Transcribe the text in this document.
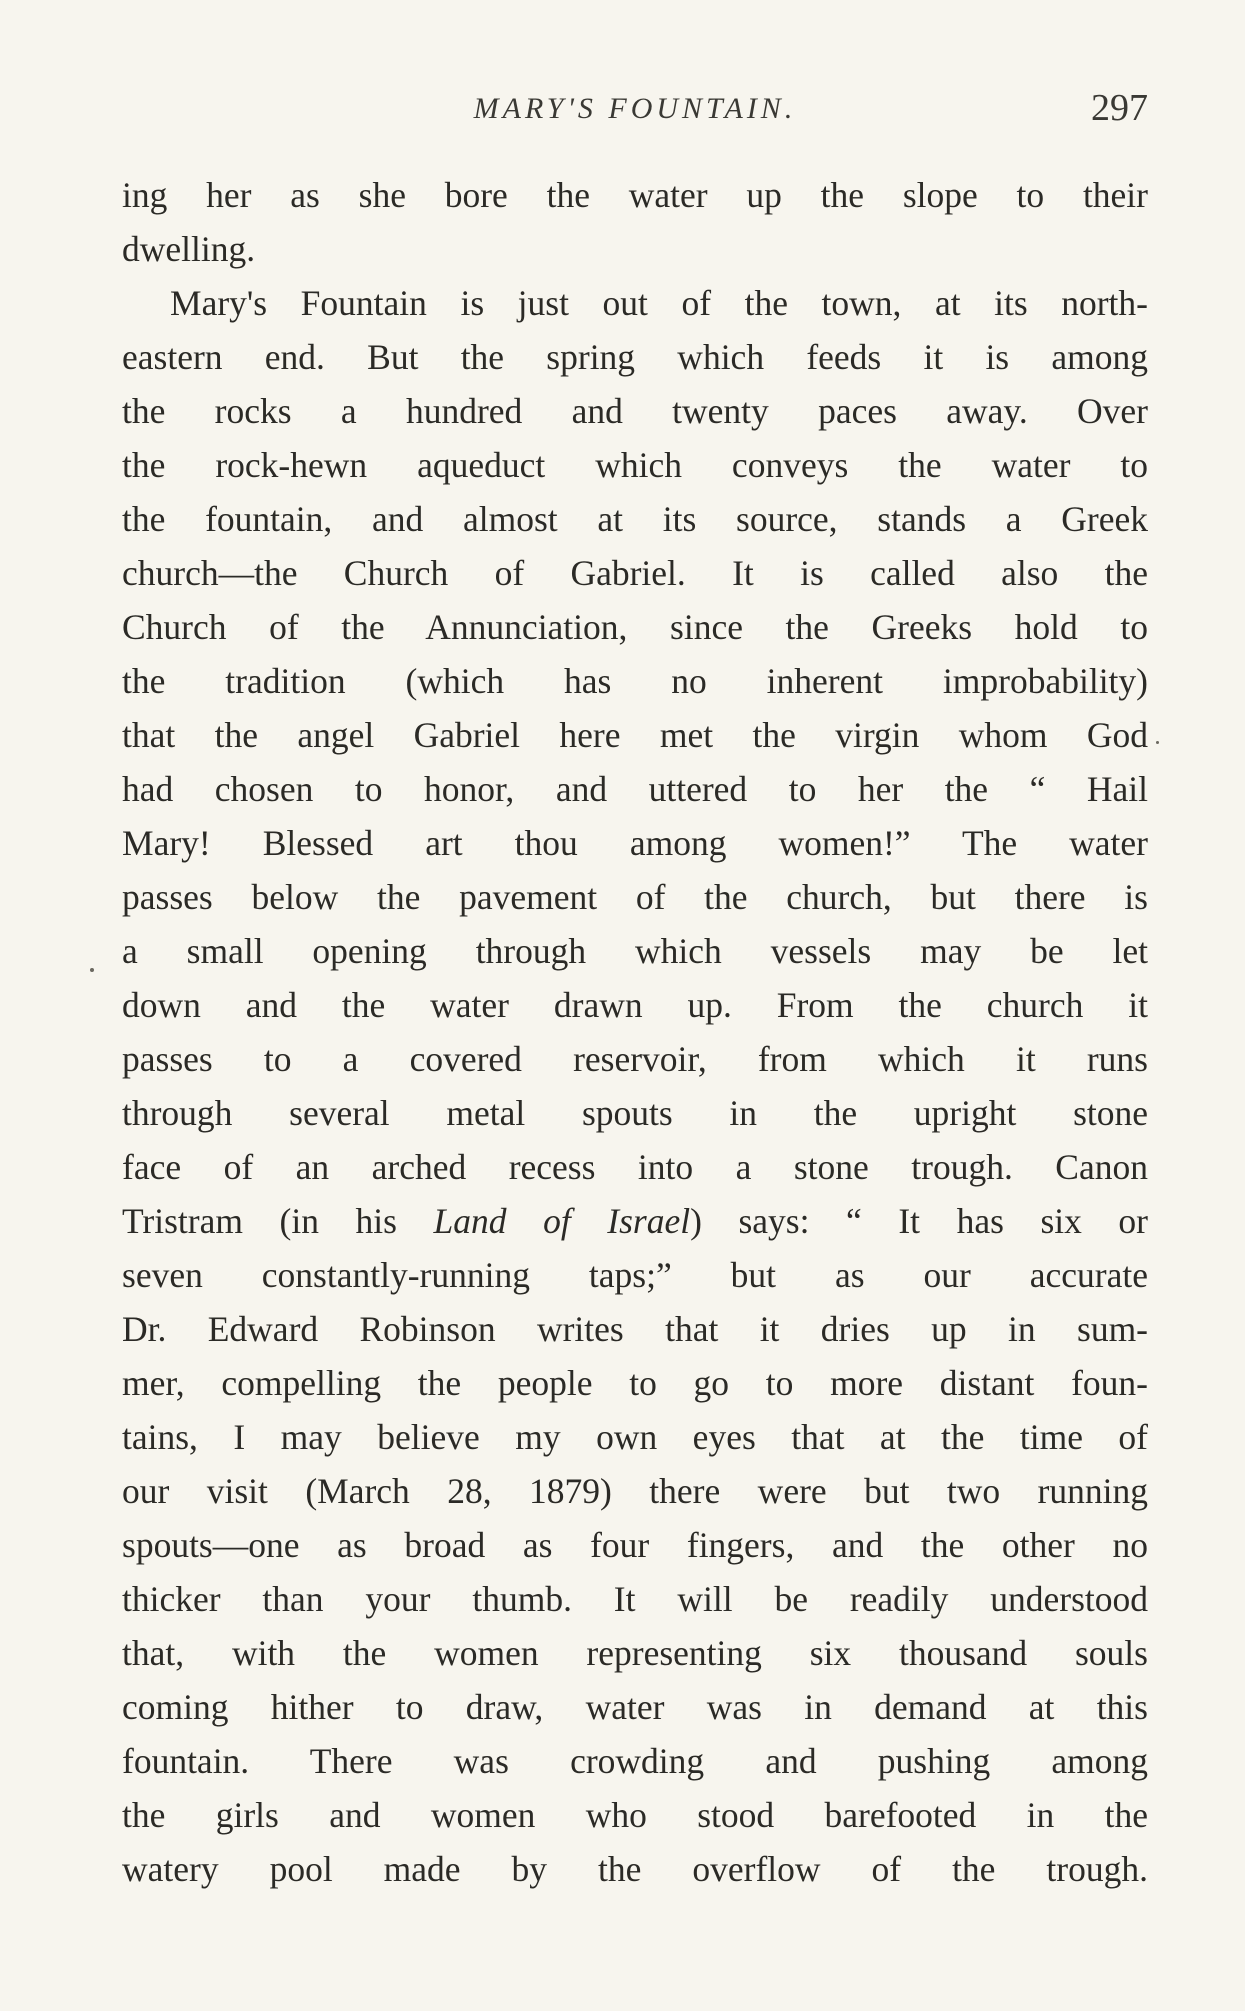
MARY'S FOUNTAIN.	297
ing her as she bore the water up the slope to their
dwelling.
Mary's Fountain is just out of the town, at its north-
eastern end. But the spring which feeds it is among
the rocks a hundred and twenty paces away. Over
the rock-hewn aqueduct which conveys the water to
the fountain, and almost at its source, stands a Greek
church—the Church of Gabriel. It is called also the
Church of the Annunciation, since the Greeks hold to
the tradition (which has no inherent improbability)
that the angel Gabriel here met the virgin whom God
had chosen to honor, and uttered to her the “ Hail
Mary! Blessed art thou among women!” The water
passes below the pavement of the church, but there is
a small opening through which vessels may be let
down and the water drawn up. From the church it
passes to a covered reservoir, from which it runs
through several metal spouts in the upright stone
face of an arched recess into a stone trough. Canon
Tristram (in his Land of Israel) says: “ It has six or
seven constantly-running taps;” but as our accurate
Dr. Edward Robinson writes that it dries up in sum-
mer, compelling the people to go to more distant foun-
tains, I may believe my own eyes that at the time of
our visit (March 28, 1879) there were but two running
spouts—one as broad as four fingers, and the other no
thicker than your thumb. It will be readily understood
that, with the women representing six thousand souls
coming hither to draw, water was in demand at this
fountain. There was crowding and pushing among
the girls and women who stood barefooted in the
watery pool made by the overflow of the trough.
